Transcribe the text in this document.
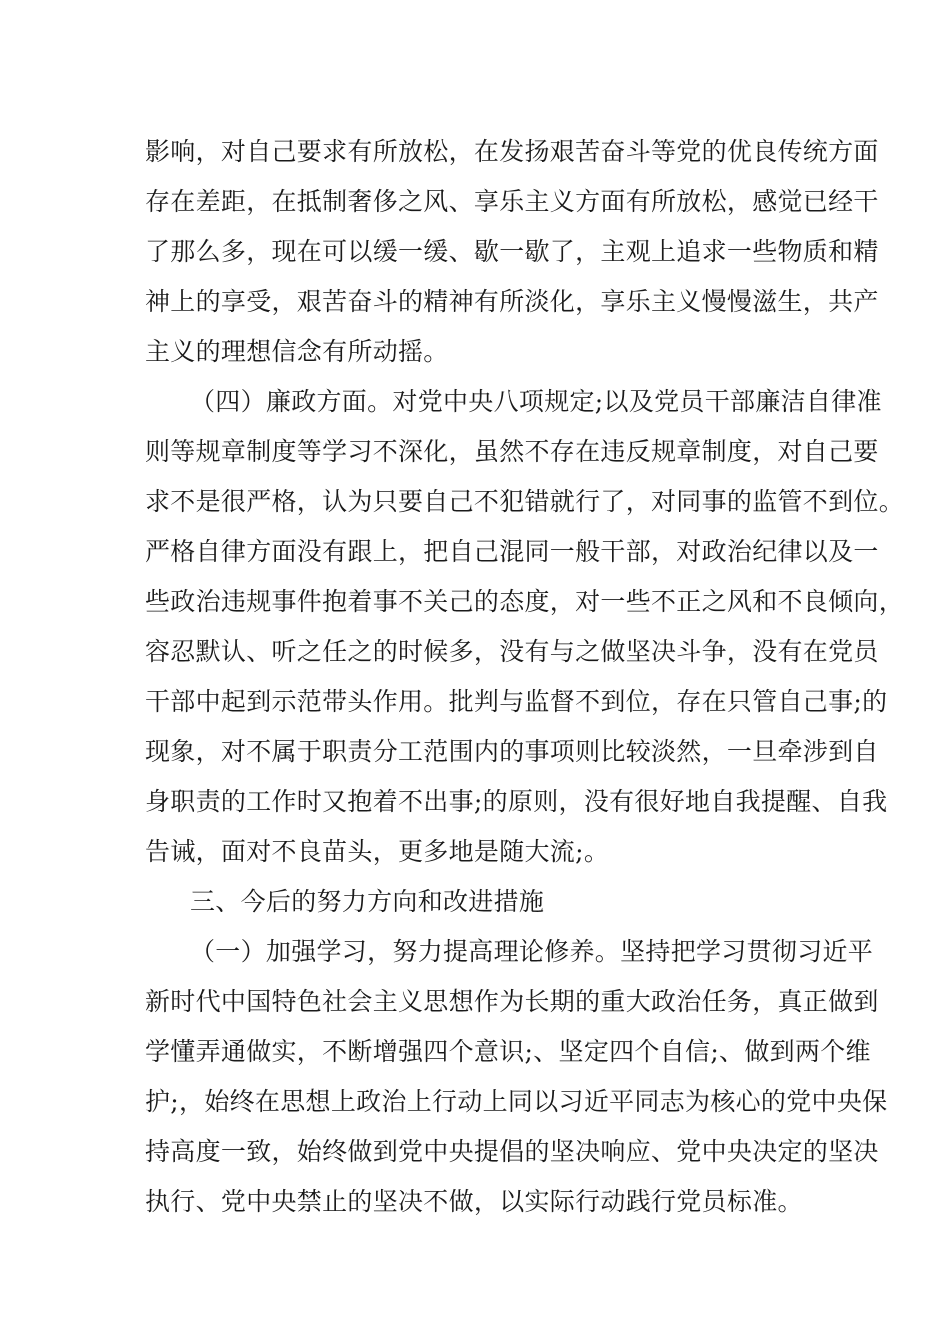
影响，对自己要求有所放松，在发扬艰苦奋斗等党的优良传统方面

存在差距，在抵制奢侈之风、享乐主义方面有所放松，感觉已经干

了那么多，现在可以缓一缓、歇一歇了，主观上追求一些物质和精

神上的享受，艰苦奋斗的精神有所淡化，享乐主义慢慢滋生，共产

主义的理想信念有所动摇。

（四）廉政方面。对党中央八项规定;以及党员干部廉洁自律准

则等规章制度等学习不深化，虽然不存在违反规章制度，对自己要

求不是很严格，认为只要自己不犯错就行了，对同事的监管不到位。

严格自律方面没有跟上，把自己混同一般干部，对政治纪律以及一

些政治违规事件抱着事不关己的态度，对一些不正之风和不良倾向，

容忍默认、听之任之的时候多，没有与之做坚决斗争，没有在党员

干部中起到示范带头作用。批判与监督不到位，存在只管自己事;的

现象，对不属于职责分工范围内的事项则比较淡然，一旦牵涉到自

身职责的工作时又抱着不出事;的原则，没有很好地自我提醒、自我

告诫，面对不良苗头，更多地是随大流;。

三、今后的努力方向和改进措施

（一）加强学习，努力提高理论修养。坚持把学习贯彻习近平

新时代中国特色社会主义思想作为长期的重大政治任务，真正做到

学懂弄通做实，不断增强四个意识;、坚定四个自信;、做到两个维

护;，始终在思想上政治上行动上同以习近平同志为核心的党中央保

持高度一致，始终做到党中央提倡的坚决响应、党中央决定的坚决

执行、党中央禁止的坚决不做，以实际行动践行党员标准。
